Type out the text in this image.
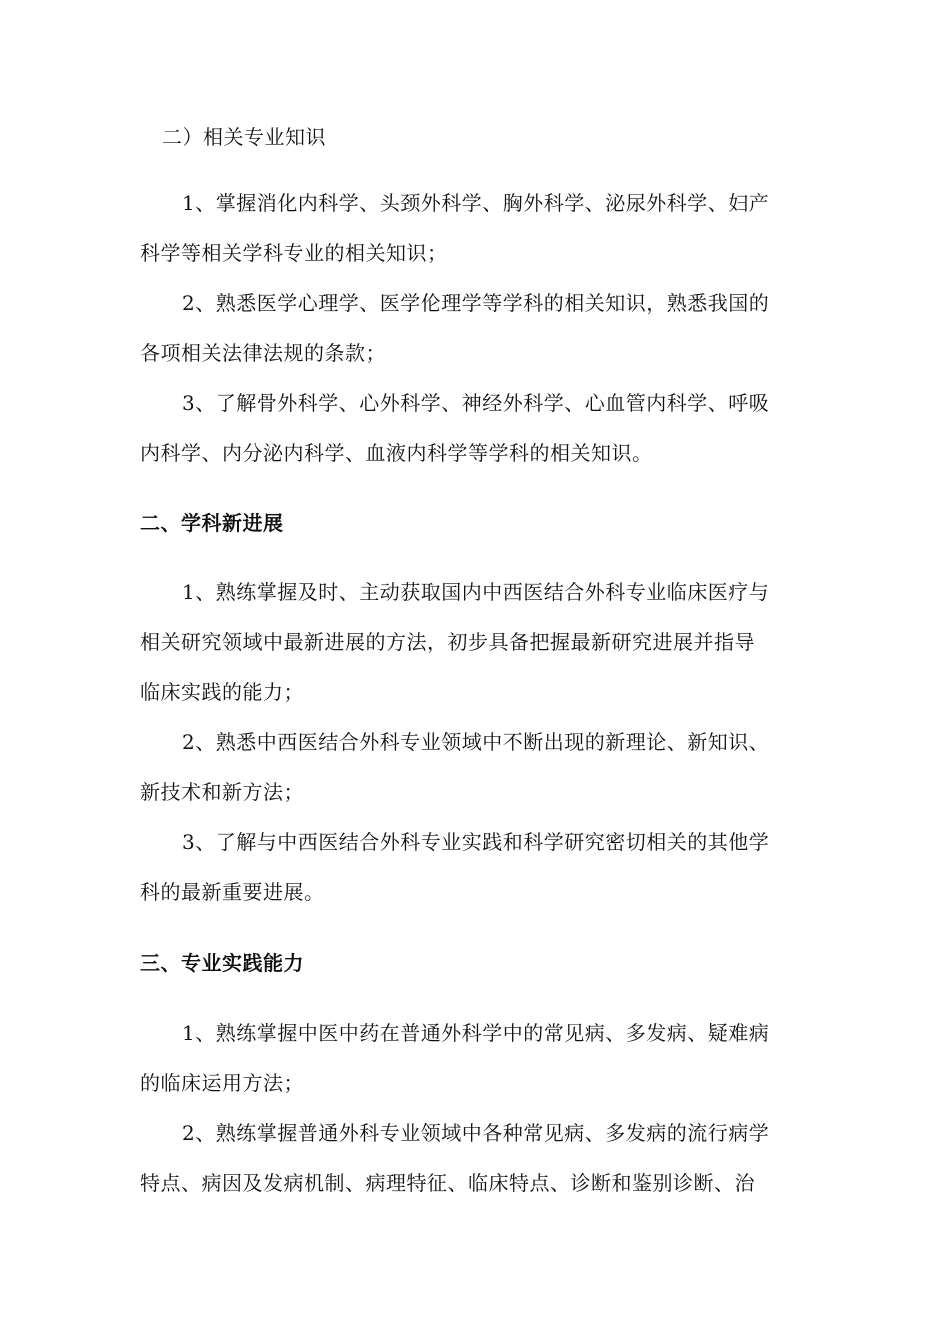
二）相关专业知识
1、掌握消化内科学、头颈外科学、胸外科学、泌尿外科学、妇产
科学等相关学科专业的相关知识；
2、熟悉医学心理学、医学伦理学等学科的相关知识，熟悉我国的
各项相关法律法规的条款；
3、了解骨外科学、心外科学、神经外科学、心血管内科学、呼吸
内科学、内分泌内科学、血液内科学等学科的相关知识。
二、学科新进展
1、熟练掌握及时、主动获取国内中西医结合外科专业临床医疗与
相关研究领域中最新进展的方法，初步具备把握最新研究进展并指导
临床实践的能力；
2、熟悉中西医结合外科专业领域中不断出现的新理论、新知识、
新技术和新方法；
3、了解与中西医结合外科专业实践和科学研究密切相关的其他学
科的最新重要进展。
三、专业实践能力
1、熟练掌握中医中药在普通外科学中的常见病、多发病、疑难病
的临床运用方法；
2、熟练掌握普通外科专业领域中各种常见病、多发病的流行病学
特点、病因及发病机制、病理特征、临床特点、诊断和鉴别诊断、治
